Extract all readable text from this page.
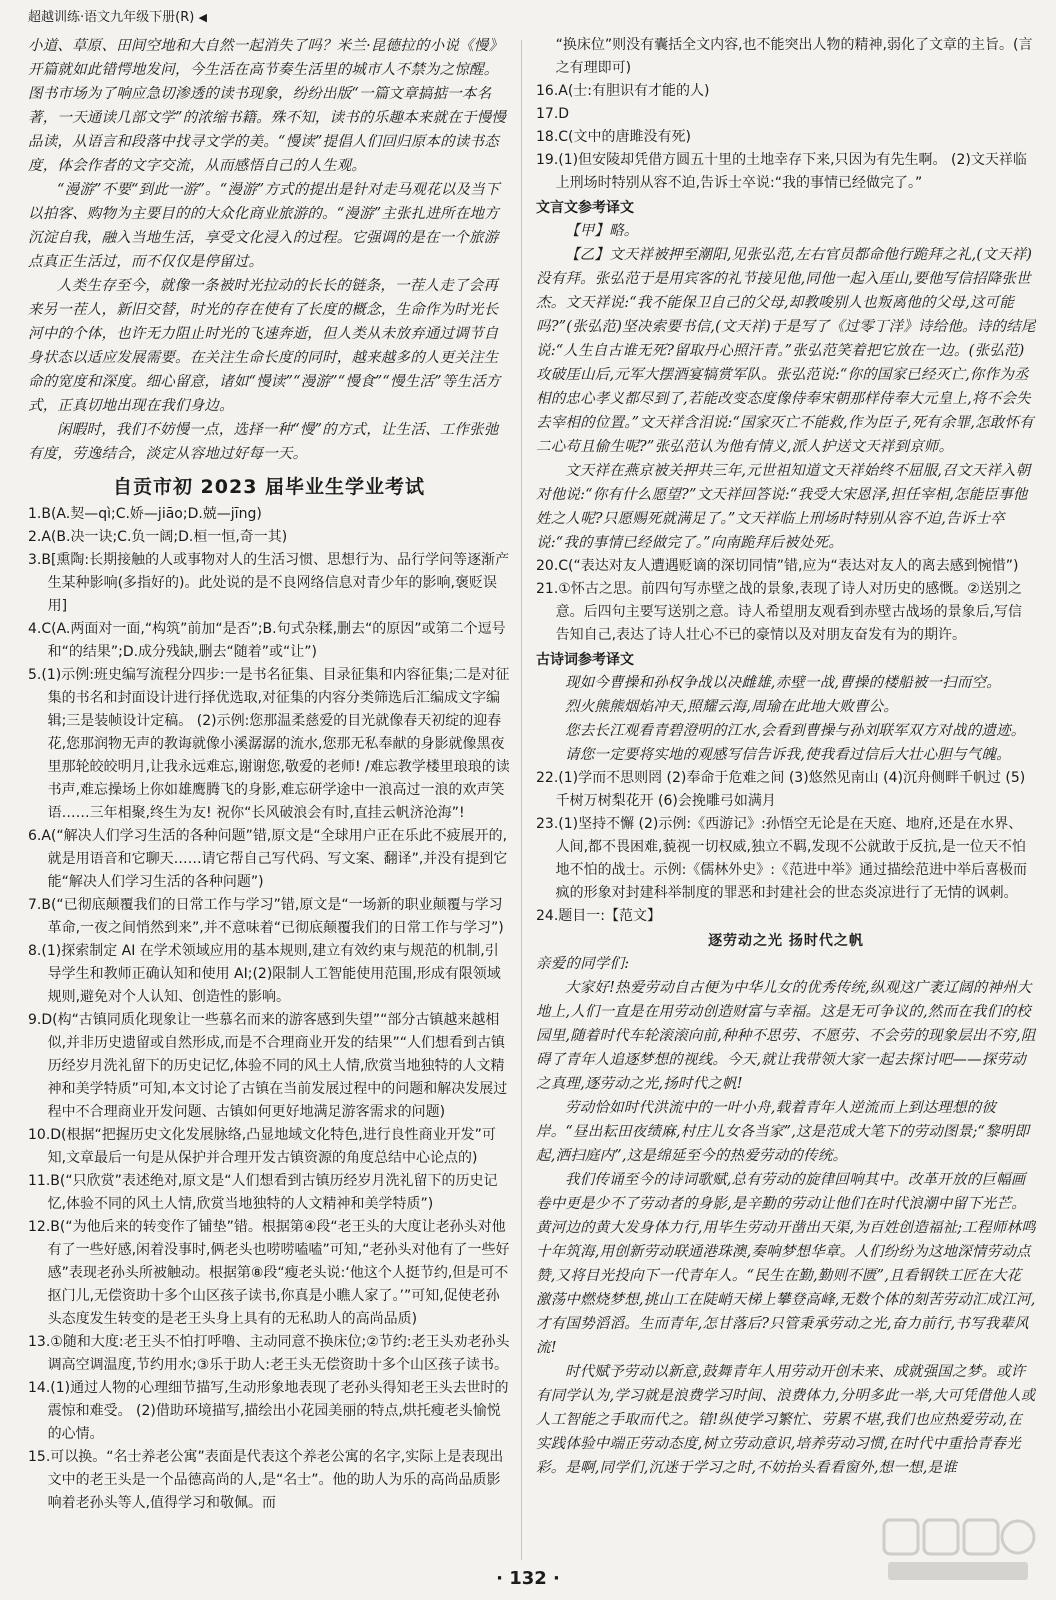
超越训练·语文九年级下册(R) ◀

小道、草原、田间空地和大自然一起消失了吗？米兰·昆德拉的小说《慢》开篇就如此错愕地发问，今生活在高节奏生活里的城市人不禁为之惊醒。图书市场为了响应急切渗透的读书现象，纷纷出版“一篇文章搞掂一本名著，一天通读几部文学”的浓缩书籍。殊不知，读书的乐趣本来就在于慢慢品读，从语言和段落中找寻文学的美。“慢读”提倡人们回归原本的读书态度，体会作者的文字交流，从而感悟自己的人生观。

“漫游”不要“到此一游”。“漫游”方式的提出是针对走马观花以及当下以拍客、购物为主要目的的大众化商业旅游的。“漫游”主张扎进所在地方沉淀自我，融入当地生活，享受文化浸入的过程。它强调的是在一个旅游点真正生活过，而不仅仅是停留过。

人类生存至今，就像一条被时光拉动的长长的链条，一茬人走了会再来另一茬人，新旧交替，时光的存在使有了长度的概念，生命作为时光长河中的个体，也许无力阻止时光的飞速奔逝，但人类从未放弃通过调节自身状态以适应发展需要。在关注生命长度的同时，越来越多的人更关注生命的宽度和深度。细心留意，诸如“慢读”“漫游”“慢食”“慢生活”等生活方式，正真切地出现在我们身边。

闲暇时，我们不妨慢一点，选择一种“慢”的方式，让生活、工作张弛有度，劳逸结合，淡定从容地过好每一天。

自贡市初 2023 届毕业生学业考试

1.B(A.契—qì;C.娇—jiāo;D.兢—jīng)

2.A(B.决一诀;C.负一阔;D.桓一恒,奇一其)

3.B[熏陶:长期接触的人或事物对人的生活习惯、思想行为、品行学问等逐渐产生某种影响(多指好的)。此处说的是不良网络信息对青少年的影响,褒贬误用]

4.C(A.两面对一面,“构筑”前加“是否”;B.句式杂糅,删去“的原因”或第二个逗号和“的结果”;D.成分残缺,删去“随着”或“让”)

5.(1)示例:班史编写流程分四步:一是书名征集、目录征集和内容征集;二是对征集的书名和封面设计进行择优选取,对征集的内容分类筛选后汇编成文字编辑;三是装帧设计定稿。 (2)示例:您那温柔慈爱的目光就像春天初绽的迎春花,您那润物无声的教诲就像小溪潺潺的流水,您那无私奉献的身影就像黑夜里那轮皎皎明月,让我永远难忘,谢谢您,敬爱的老师! /难忘教学楼里琅琅的读书声,难忘操场上你如雄鹰腾飞的身影,难忘研学途中一浪高过一浪的欢声笑语……三年相聚,终生为友! 祝你“长风破浪会有时,直挂云帆济沧海”!

6.A(“解决人们学习生活的各种问题”错,原文是“全球用户正在乐此不疲展开的,就是用语音和它聊天……请它帮自己写代码、写文案、翻译”,并没有提到它能“解决人们学习生活的各种问题”)

7.B(“已彻底颠覆我们的日常工作与学习”错,原文是“一场新的职业颠覆与学习革命,一夜之间悄然到来”,并不意味着“已彻底颠覆我们的日常工作与学习”)

8.(1)探索制定 AI 在学术领域应用的基本规则,建立有效约束与规范的机制,引导学生和教师正确认知和使用 AI;(2)限制人工智能使用范围,形成有限领域规则,避免对个人认知、创造性的影响。

9.D(构“古镇同质化现象让一些慕名而来的游客感到失望”“部分古镇越来越相似,并非历史遗留或自然形成,而是不合理商业开发的结果”“人们想看到古镇历经岁月洗礼留下的历史记忆,体验不同的风土人情,欣赏当地独特的人文精神和美学特质”可知,本文讨论了古镇在当前发展过程中的问题和解决发展过程中不合理商业开发问题、古镇如何更好地满足游客需求的问题)

10.D(根据“把握历史文化发展脉络,凸显地域文化特色,进行良性商业开发”可知,文章最后一句是从保护并合理开发古镇资源的角度总结中心论点的)

11.B(“只欣赏”表述绝对,原文是“人们想看到古镇历经岁月洗礼留下的历史记忆,体验不同的风土人情,欣赏当地独特的人文精神和美学特质”)

12.B(“为他后来的转变作了铺垫”错。根据第④段“老王头的大度让老孙头对他有了一些好感,闲着没事时,俩老头也唠唠嗑嗑”可知,“老孙头对他有了一些好感”表现老孙头所被触动。根据第⑧段“瘦老头说:‘他这个人挺节约,但是可不抠门儿,无偿资助十多个山区孩子读书,你真是小瞧人家了。’”可知,促使老孙头态度发生转变的是老王头身上具有的无私助人的高尚品质)

13.①随和大度:老王头不怕打呼噜、主动同意不换床位;②节约:老王头劝老孙头调高空调温度,节约用水;③乐于助人:老王头无偿资助十多个山区孩子读书。

14.(1)通过人物的心理细节描写,生动形象地表现了老孙头得知老王头去世时的震惊和难受。 (2)借助环境描写,描绘出小花园美丽的特点,烘托瘦老头愉悦的心情。

15.可以换。“名士养老公寓”表面是代表这个养老公寓的名字,实际上是表现出文中的老王头是一个品德高尚的人,是“名士”。他的助人为乐的高尚品质影响着老孙头等人,值得学习和敬佩。而

“换床位”则没有囊括全文内容,也不能突出人物的精神,弱化了文章的主旨。(言之有理即可)

16.A(士:有胆识有才能的人)

17.D

18.C(文中的唐雎没有死)

19.(1)但安陵却凭借方圆五十里的土地幸存下来,只因为有先生啊。 (2)文天祥临上刑场时特别从容不迫,告诉士卒说:“我的事情已经做完了。”

文言文参考译文

【甲】略。

【乙】文天祥被押至潮阳,见张弘范,左右官员都命他行跪拜之礼,(文天祥)没有拜。张弘范于是用宾客的礼节接见他,同他一起入厓山,要他写信招降张世杰。文天祥说:“我不能保卫自己的父母,却教唆别人也叛离他的父母,这可能吗?”(张弘范)坚决索要书信,(文天祥)于是写了《过零丁洋》诗给他。诗的结尾说:“人生自古谁无死?留取丹心照汗青。”张弘范笑着把它放在一边。(张弘范)攻破厓山后,元军大摆酒宴犒赏军队。张弘范说:“你的国家已经灭亡,你作为丞相的忠心孝义都尽到了,若能改变态度像侍奉宋朝那样侍奉大元皇上,将不会失去宰相的位置。”文天祥含泪说:“国家灭亡不能救,作为臣子,死有余罪,怎敢怀有二心苟且偷生呢?”张弘范认为他有情义,派人护送文天祥到京师。

文天祥在燕京被关押共三年,元世祖知道文天祥始终不屈服,召文天祥入朝对他说:“你有什么愿望?”文天祥回答说:“我受大宋恩泽,担任宰相,怎能臣事他姓之人呢?只愿赐死就满足了。”文天祥临上刑场时特别从容不迫,告诉士卒说:“我的事情已经做完了。”向南跪拜后被处死。

20.C(“表达对友人遭遇贬谪的深切同情”错,应为“表达对友人的离去感到惋惜”)

21.①怀古之思。前四句写赤壁之战的景象,表现了诗人对历史的感慨。②送别之意。后四句主要写送别之意。诗人希望朋友观看到赤壁古战场的景象后,写信告知自己,表达了诗人壮心不已的豪情以及对朋友奋发有为的期许。

古诗词参考译文

现如今曹操和孙权争战以决雌雄,赤壁一战,曹操的楼船被一扫而空。

烈火熊熊烟焰冲天,照耀云海,周瑜在此地大败曹公。

您去长江观看青碧澄明的江水,会看到曹操与孙刘联军双方对战的遗迹。

请您一定要将实地的观感写信告诉我,使我看过信后大壮心胆与气魄。

22.(1)学而不思则罔 (2)奉命于危难之间 (3)悠然见南山 (4)沉舟侧畔千帆过 (5)千树万树梨花开 (6)会挽雕弓如满月

23.(1)坚持不懈 (2)示例:《西游记》:孙悟空无论是在天庭、地府,还是在水界、人间,都不畏困难,藐视一切权威,独立不羁,发现不公就敢于反抗,是一位天不怕地不怕的战士。示例:《儒林外史》:《范进中举》通过描绘范进中举后喜极而疯的形象对封建科举制度的罪恶和封建社会的世态炎凉进行了无情的讽刺。

24.题目一:【范文】

逐劳动之光 扬时代之帆

亲爱的同学们:

大家好!热爱劳动自古便为中华儿女的优秀传统,纵观这广袤辽阔的神州大地上,人们一直是在用劳动创造财富与幸福。这是无可争议的,然而在我们的校园里,随着时代车轮滚滚向前,种种不思劳、不愿劳、不会劳的现象层出不穷,阻碍了青年人追逐梦想的视线。今天,就让我带领大家一起去探讨吧——探劳动之真理,逐劳动之光,扬时代之帆!

劳动恰如时代洪流中的一叶小舟,载着青年人逆流而上到达理想的彼岸。“昼出耘田夜绩麻,村庄儿女各当家”,这是范成大笔下的劳动图景;“黎明即起,洒扫庭内”,这是绵延至今的热爱劳动的传统。

我们传诵至今的诗词歌赋,总有劳动的旋律回响其中。改革开放的巨幅画卷中更是少不了劳动者的身影,是辛勤的劳动让他们在时代浪潮中留下光芒。黄河边的黄大发身体力行,用毕生劳动开凿出天渠,为百姓创造福祉;工程师林鸣十年筑海,用创新劳动联通港珠澳,奏响梦想华章。人们纷纷为这地深情劳动点赞,又将目光投向下一代青年人。“民生在勤,勤则不匮”,且看钢铁工匠在大花激荡中燃烧梦想,挑山工在陡峭天梯上攀登高峰,无数个体的刻苦劳动汇成江河,才有国势滔滔。生而青年,怎甘落后?只管秉承劳动之光,奋力前行,书写我辈风流!

时代赋予劳动以新意,鼓舞青年人用劳动开创未来、成就强国之梦。或许有同学认为,学习就是浪费学习时间、浪费体力,分明多此一举,大可凭借他人或人工智能之手取而代之。错!纵使学习繁忙、劳累不堪,我们也应热爱劳动,在实践体验中端正劳动态度,树立劳动意识,培养劳动习惯,在时代中重拾青春光彩。是啊,同学们,沉迷于学习之时,不妨抬头看看窗外,想一想,是谁

· 132 ·
